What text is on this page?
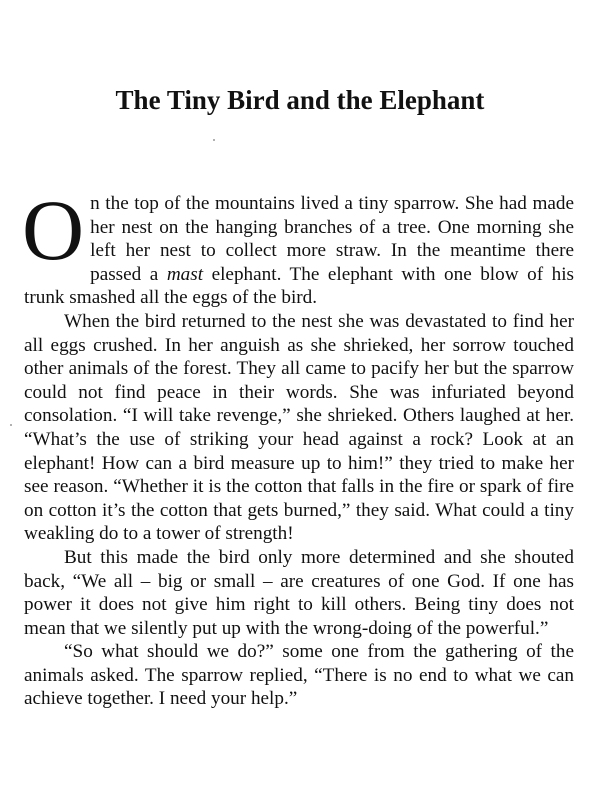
The Tiny Bird and the Elephant

On the top of the mountains lived a tiny sparrow. She had made her nest on the hanging branches of a tree. One morning she left her nest to collect more straw. In the meantime there passed a mast elephant. The elephant with one blow of his trunk smashed all the eggs of the bird.

When the bird returned to the nest she was devastated to find her all eggs crushed. In her anguish as she shrieked, her sorrow touched other animals of the forest. They all came to pacify her but the sparrow could not find peace in their words. She was infuriated beyond consolation. “I will take revenge,” she shrieked. Others laughed at her. “What’s the use of striking your head against a rock? Look at an elephant! How can a bird measure up to him!” they tried to make her see reason. “Whether it is the cotton that falls in the fire or spark of fire on cotton it’s the cotton that gets burned,” they said. What could a tiny weakling do to a tower of strength!

But this made the bird only more determined and she shouted back, “We all – big or small – are creatures of one God. If one has power it does not give him right to kill others. Being tiny does not mean that we silently put up with the wrong-doing of the powerful.”

“So what should we do?” some one from the gathering of the animals asked. The sparrow replied, “There is no end to what we can achieve together. I need your help.”
